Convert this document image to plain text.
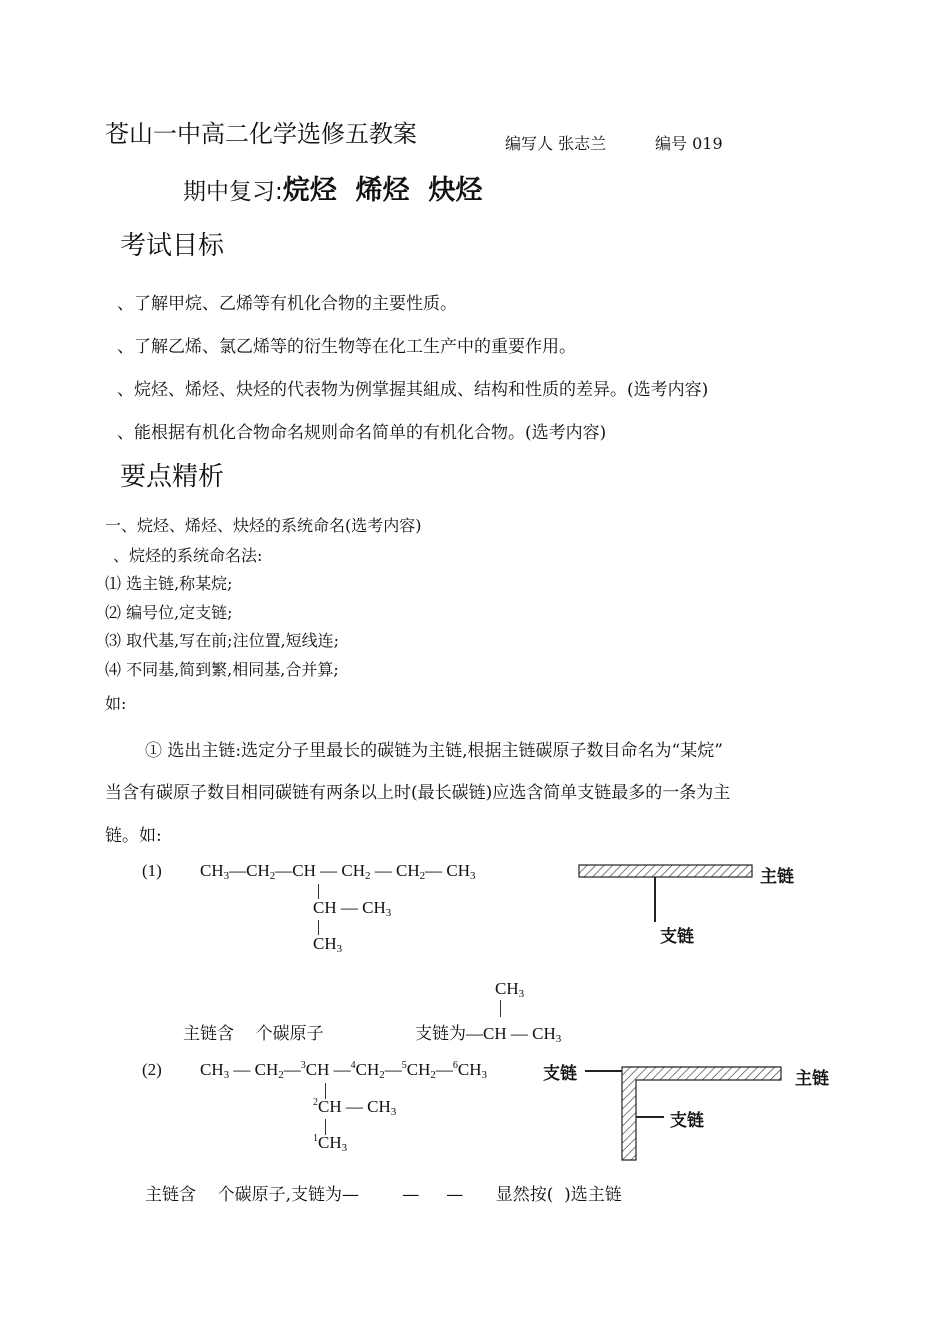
苍山一中高二化学选修五教案	编写人 张志兰	编号 019
期中复习:烷烃  烯烃  炔烃
考试目标
、了解甲烷、乙烯等有机化合物的主要性质。
、了解乙烯、氯乙烯等的衍生物等在化工生产中的重要作用。
、烷烃、烯烃、炔烃的代表物为例掌握其組成、结构和性质的差异。(选考内容)
、能根据有机化合物命名规则命名简单的有机化合物。(选考内容)
要点精析
一、烷烃、烯烃、炔烃的系统命名(选考内容)
、烷烃的系统命名法:
⑴ 选主链,称某烷;
⑵ 编号位,定支链;
⑶ 取代基,写在前;注位置,短线连;
⑷ 不同基,简到繁,相同基,合并算;
如:
① 选出主链:选定分子里最长的碳链为主链,根据主链碳原子数目命名为“某烷”
当含有碳原子数目相同碳链有两条以上时(最长碳链)应选含简单支链最多的一条为主
链。如:
(1) $CH_3—CH_2—CH$ — $CH_2$ — $CH_2—$ $CH_3$
CH — $CH_3$
$CH_3$
主链
支链
$CH_3$
主链含    个碳原子	支链为—CH — $CH_3$
(2) $CH_3$ — $CH_2—^3CH$ $—^4CH_2—^5CH_2—^6CH_3$	支链
$^2$CH — $CH_3$
$^1CH_3$
主链
支链
主链含    个碳原子,支链为—        —     —      显然按(  )选主链
